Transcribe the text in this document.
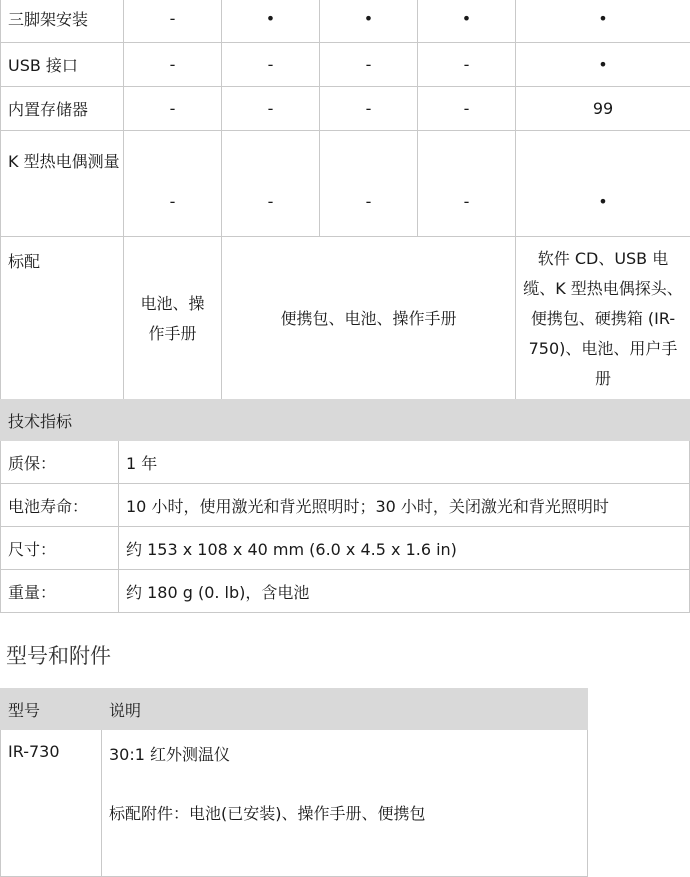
三脚架安装	-	•	•	•	•
USB 接口	-	-	-	-	•
内置存储器	-	-	-	-	99
K 型热电偶测量	-	-	-	-	•
标配	电池、操作手册	便携包、电池、操作手册			软件 CD、USB 电缆、K 型热电偶探头、便携包、硬携箱 (IR-750)、电池、用户手册
技术指标	
质保：	1 年
电池寿命：	10 小时，使用激光和背光照明时；30 小时，关闭激光和背光照明时
尺寸：	约 153 x 108 x 40 mm (6.0 x 4.5 x 1.6 in)
重量：	约 180 g (0. lb)，含电池
型号和附件
型号	说明
IR-730	30:1 红外测温仪
标配附件：电池(已安装)、操作手册、便携包
